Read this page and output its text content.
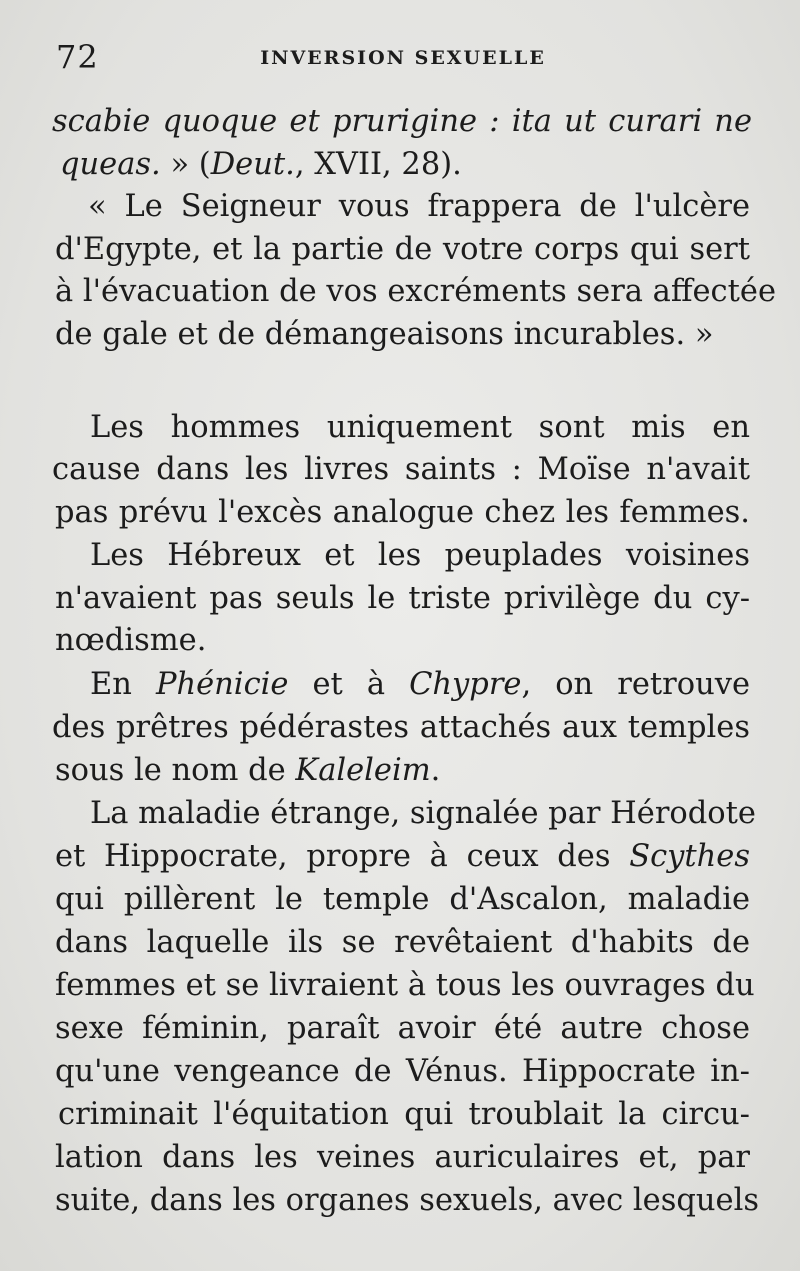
72	INVERSION SEXUELLE
scabie quoque et prurigine : ita ut curari ne
queas. » (Deut., XVII, 28).
« Le Seigneur vous frappera de l'ulcère
d'Egypte, et la partie de votre corps qui sert
à l'évacuation de vos excréments sera affectée
de gale et de démangeaisons incurables. »
Les hommes uniquement sont mis en
cause dans les livres saints : Moïse n'avait
pas prévu l'excès analogue chez les femmes.
Les Hébreux et les peuplades voisines
n'avaient pas seuls le triste privilège du cy-
nœdisme.
En Phénicie et à Chypre, on retrouve
des prêtres pédérastes attachés aux temples
sous le nom de Kaleleim.
La maladie étrange, signalée par Hérodote
et Hippocrate, propre à ceux des Scythes
qui pillèrent le temple d'Ascalon, maladie
dans laquelle ils se revêtaient d'habits de
femmes et se livraient à tous les ouvrages du
sexe féminin, paraît avoir été autre chose
qu'une vengeance de Vénus. Hippocrate in-
criminait l'équitation qui troublait la circu-
lation dans les veines auriculaires et, par
suite, dans les organes sexuels, avec lesquels
